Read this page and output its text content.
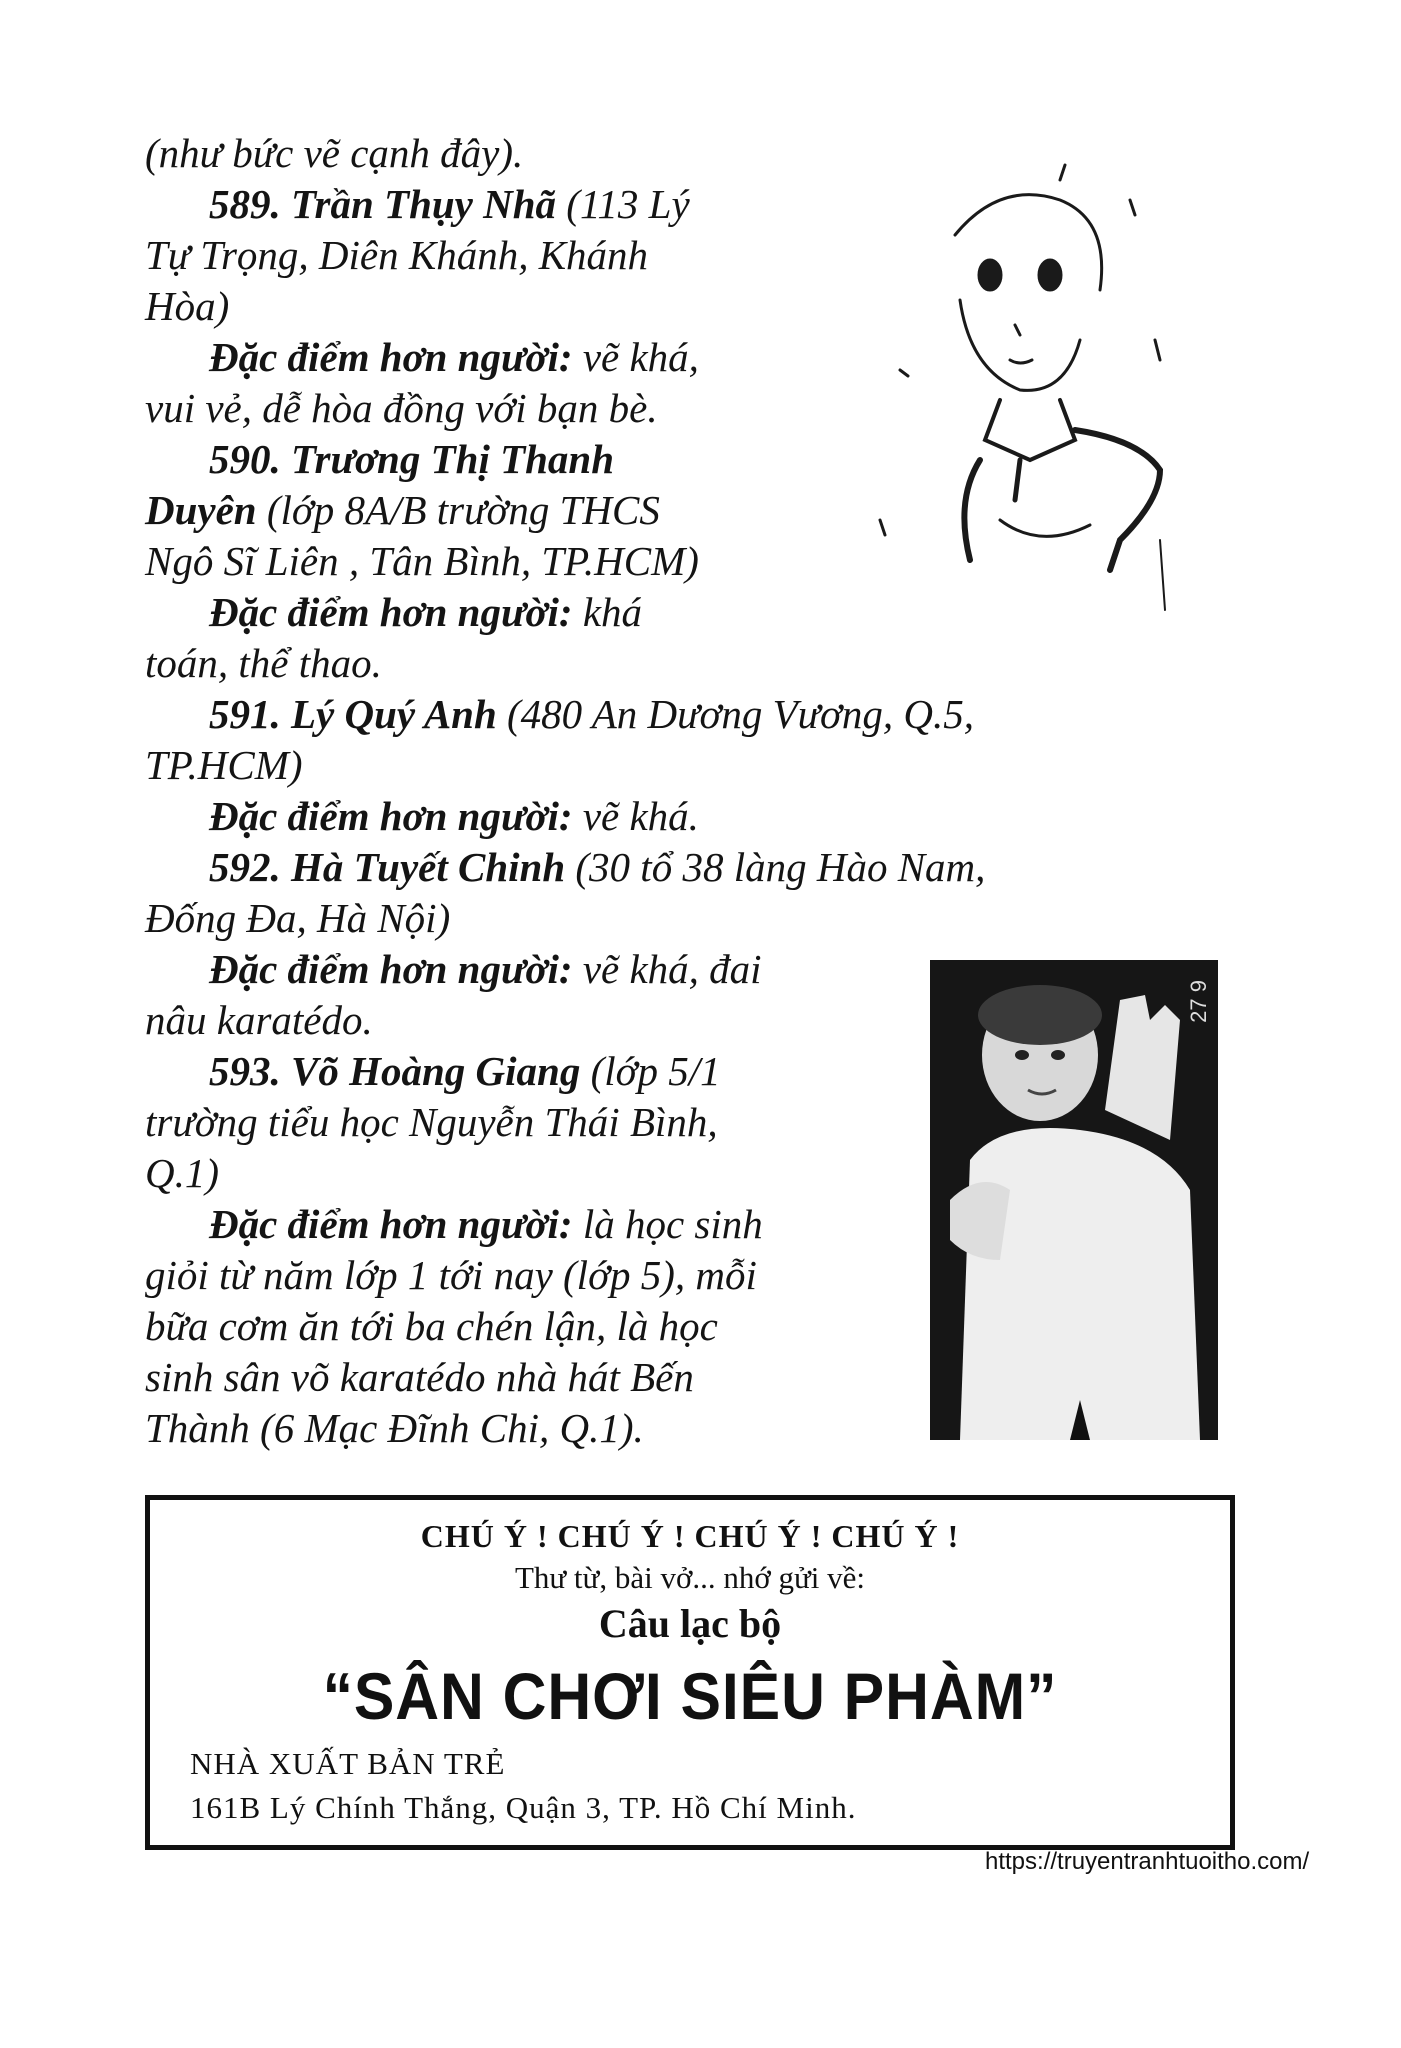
(như bức vẽ cạnh đây).
589. Trần Thụy Nhã (113 Lý
Tự Trọng, Diên Khánh, Khánh
Hòa)
Đặc điểm hơn người: vẽ khá,
vui vẻ, dễ hòa đồng với bạn bè.
590. Trương Thị Thanh
Duyên (lớp 8A/B trường THCS
Ngô Sĩ Liên , Tân Bình, TP.HCM)
Đặc điểm hơn người: khá
toán, thể thao.
591. Lý Quý Anh (480 An Dương Vương, Q.5,
TP.HCM)
Đặc điểm hơn người: vẽ khá.
592. Hà Tuyết Chinh (30 tổ 38 làng Hào Nam,
Đống Đa, Hà Nội)
Đặc điểm hơn người: vẽ khá, đai
nâu karatédo.
593. Võ Hoàng Giang (lớp 5/1
trường tiểu học Nguyễn Thái Bình,
Q.1)
Đặc điểm hơn người: là học sinh
giỏi từ năm lớp 1 tới nay (lớp 5), mỗi
bữa cơm ăn tới ba chén lận, là học
sinh sân võ karatédo nhà hát Bến
Thành (6 Mạc Đĩnh Chi, Q.1).
27 9
CHÚ Ý ! CHÚ Ý ! CHÚ Ý ! CHÚ Ý !
Thư từ, bài vở... nhớ gửi về:
Câu lạc bộ
“SÂN CHƠI SIÊU PHÀM”
NHÀ XUẤT BẢN TRẺ
161B Lý Chính Thắng, Quận 3, TP. Hồ Chí Minh.
https://truyentranhtuoitho.com/
